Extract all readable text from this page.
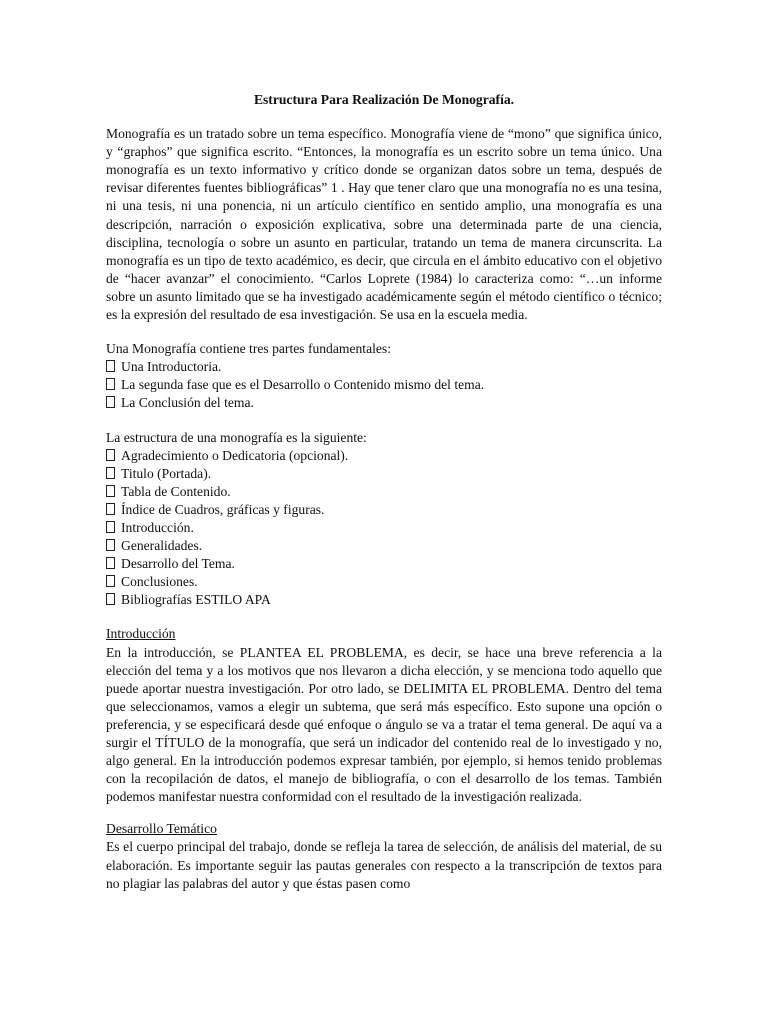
Estructura Para Realización De Monografía.

Monografía es un tratado sobre un tema específico. Monografía viene de “mono” que significa único, y “graphos” que significa escrito. “Entonces, la monografía es un escrito sobre un tema único. Una monografía es un texto informativo y crítico donde se organizan datos sobre un tema, después de revisar diferentes fuentes bibliográficas” 1 . Hay que tener claro que una monografía no es una tesina, ni una tesis, ni una ponencia, ni un artículo científico en sentido amplio, una monografía es una descripción, narración o exposición explicativa, sobre una determinada parte de una ciencia, disciplina, tecnología o sobre un asunto en particular, tratando un tema de manera circunscrita. La monografía es un tipo de texto académico, es decir, que circula en el ámbito educativo con el objetivo de “hacer avanzar” el conocimiento. “Carlos Loprete (1984) lo caracteriza como: “…un informe sobre un asunto limitado que se ha investigado académicamente según el método científico o técnico; es la expresión del resultado de esa investigación. Se usa en la escuela media.

Una Monografía contiene tres partes fundamentales:

Una Introductoria.
La segunda fase que es el Desarrollo o Contenido mismo del tema.
La Conclusión del tema.

La estructura de una monografía es la siguiente:

Agradecimiento o Dedicatoria (opcional).
Titulo (Portada).
Tabla de Contenido.
Índice de Cuadros, gráficas y figuras.
Introducción.
Generalidades.
Desarrollo del Tema.
Conclusiones.
Bibliografías ESTILO APA

Introducción

En la introducción, se PLANTEA EL PROBLEMA, es decir, se hace una breve referencia a la elección del tema y a los motivos que nos llevaron a dicha elección, y se menciona todo aquello que puede aportar nuestra investigación. Por otro lado, se DELIMITA EL PROBLEMA. Dentro del tema que seleccionamos, vamos a elegir un subtema, que será más específico. Esto supone una opción o preferencia, y se especificará desde qué enfoque o ángulo se va a tratar el tema general. De aquí va a surgir el TÍTULO de la monografía, que será un indicador del contenido real de lo investigado y no, algo general. En la introducción podemos expresar también, por ejemplo, si hemos tenido problemas con la recopilación de datos, el manejo de bibliografía, o con el desarrollo de los temas. También podemos manifestar nuestra conformidad con el resultado de la investigación realizada.

Desarrollo Temático

Es el cuerpo principal del trabajo, donde se refleja la tarea de selección, de análisis del material, de su elaboración. Es importante seguir las pautas generales con respecto a la transcripción de textos para no plagiar las palabras del autor y que éstas pasen como
